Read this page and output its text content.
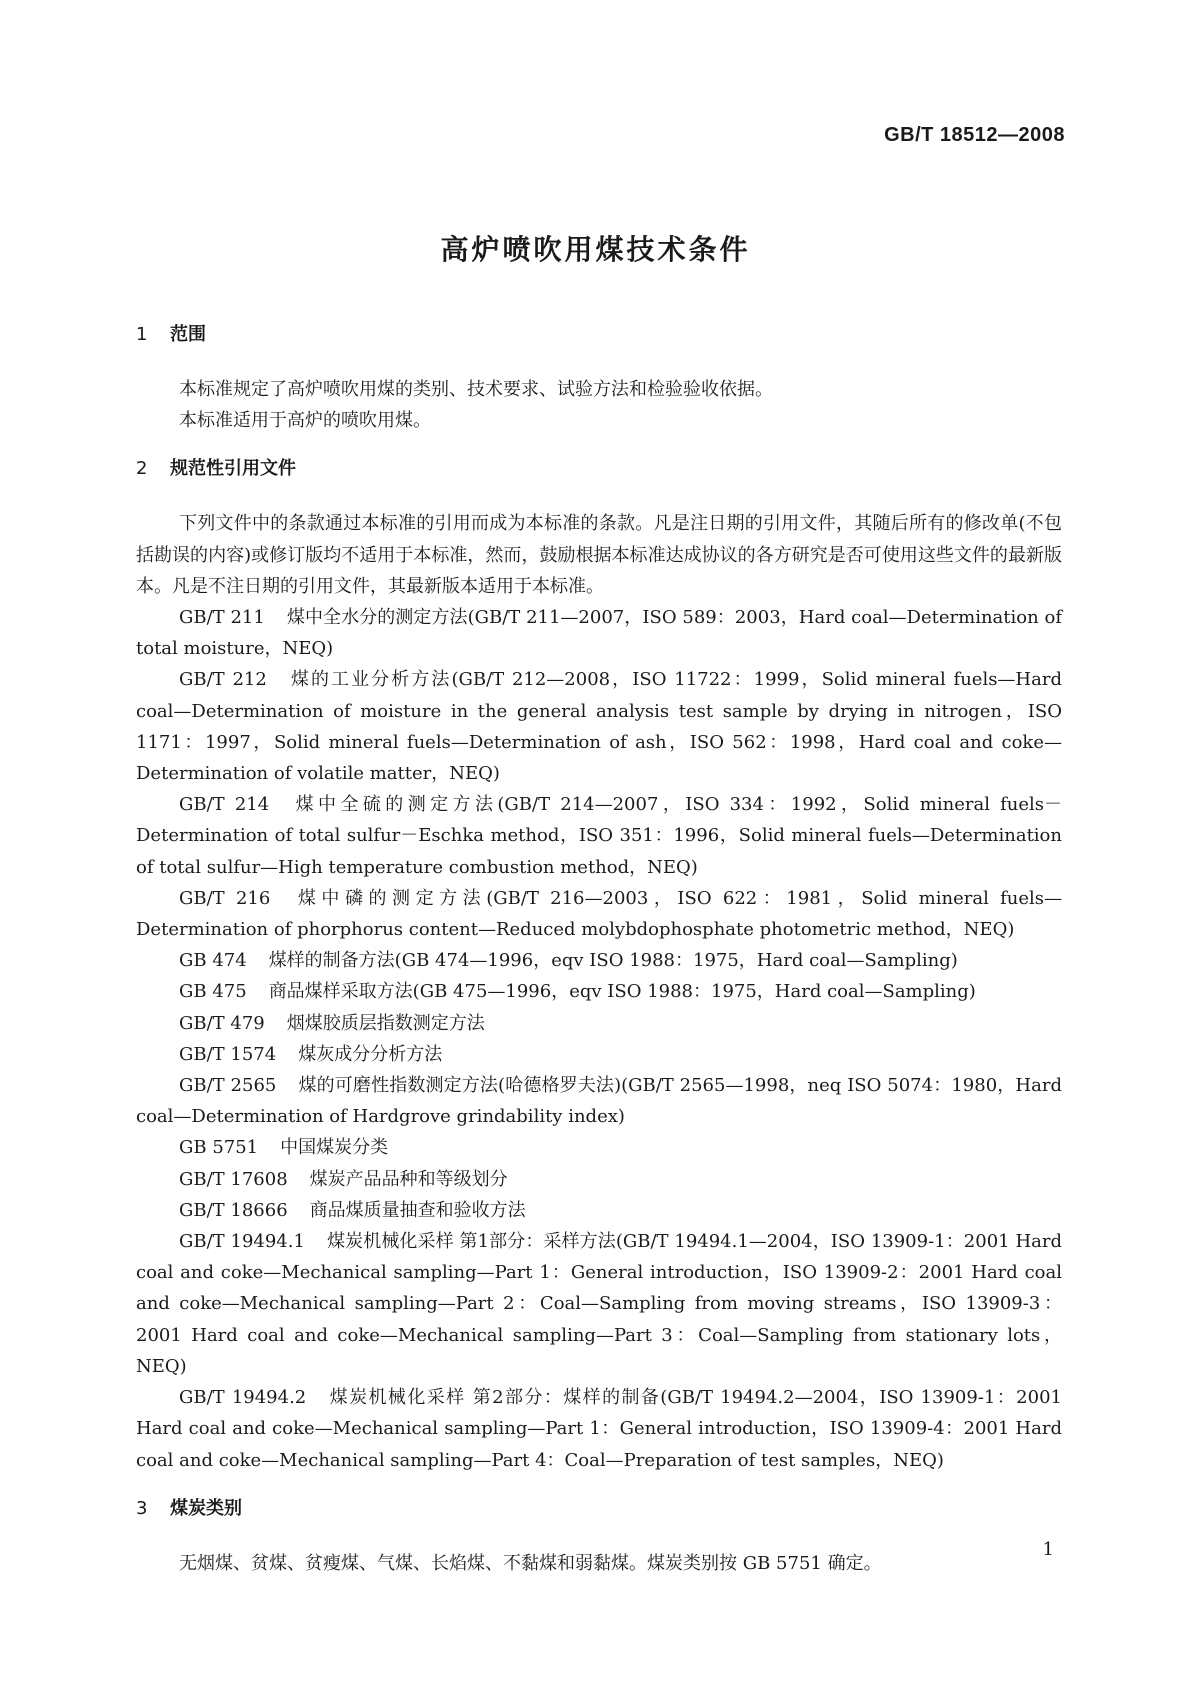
GB/T 18512—2008
高炉喷吹用煤技术条件
1 范围

本标准规定了高炉喷吹用煤的类别、技术要求、试验方法和检验验收依据。

本标准适用于高炉的喷吹用煤。

2 规范性引用文件

下列文件中的条款通过本标准的引用而成为本标准的条款。凡是注日期的引用文件，其随后所有的修改单(不包括勘误的内容)或修订版均不适用于本标准，然而，鼓励根据本标准达成协议的各方研究是否可使用这些文件的最新版本。凡是不注日期的引用文件，其最新版本适用于本标准。

GB/T 211 煤中全水分的测定方法(GB/T 211—2007，ISO 589：2003，Hard coal—Determination of total moisture，NEQ)

GB/T 212 煤的工业分析方法(GB/T 212—2008，ISO 11722：1999，Solid mineral fuels—Hard coal—Determination of moisture in the general analysis test sample by drying in nitrogen，ISO 1171：1997，Solid mineral fuels—Determination of ash，ISO 562：1998，Hard coal and coke—Determination of volatile matter，NEQ)

GB/T 214 煤中全硫的测定方法(GB/T 214—2007，ISO 334：1992，Solid mineral fuels－Determination of total sulfur－Eschka method，ISO 351：1996，Solid mineral fuels—Determination of total sulfur—High temperature combustion method，NEQ)

GB/T 216 煤中磷的测定方法(GB/T 216—2003，ISO 622：1981，Solid mineral fuels—Determination of phorphorus content—Reduced molybdophosphate photometric method，NEQ)

GB 474 煤样的制备方法(GB 474—1996，eqv ISO 1988：1975，Hard coal—Sampling)

GB 475 商品煤样采取方法(GB 475—1996，eqv ISO 1988：1975，Hard coal—Sampling)

GB/T 479 烟煤胶质层指数测定方法

GB/T 1574 煤灰成分分析方法

GB/T 2565 煤的可磨性指数测定方法(哈德格罗夫法)(GB/T 2565—1998，neq ISO 5074：1980，Hard coal—Determination of Hardgrove grindability index)

GB 5751 中国煤炭分类

GB/T 17608 煤炭产品品种和等级划分

GB/T 18666 商品煤质量抽查和验收方法

GB/T 19494.1 煤炭机械化采样 第1部分：采样方法(GB/T 19494.1—2004，ISO 13909-1：2001 Hard coal and coke—Mechanical sampling—Part 1：General introduction，ISO 13909-2：2001 Hard coal and coke—Mechanical sampling—Part 2：Coal—Sampling from moving streams，ISO 13909-3：2001 Hard coal and coke—Mechanical sampling—Part 3：Coal—Sampling from stationary lots，NEQ)

GB/T 19494.2 煤炭机械化采样 第2部分：煤样的制备(GB/T 19494.2—2004，ISO 13909-1：2001 Hard coal and coke—Mechanical sampling—Part 1：General introduction，ISO 13909-4：2001 Hard coal and coke—Mechanical sampling—Part 4：Coal—Preparation of test samples，NEQ)

3 煤炭类别

无烟煤、贫煤、贫瘦煤、气煤、长焰煤、不黏煤和弱黏煤。煤炭类别按 GB 5751 确定。

1
